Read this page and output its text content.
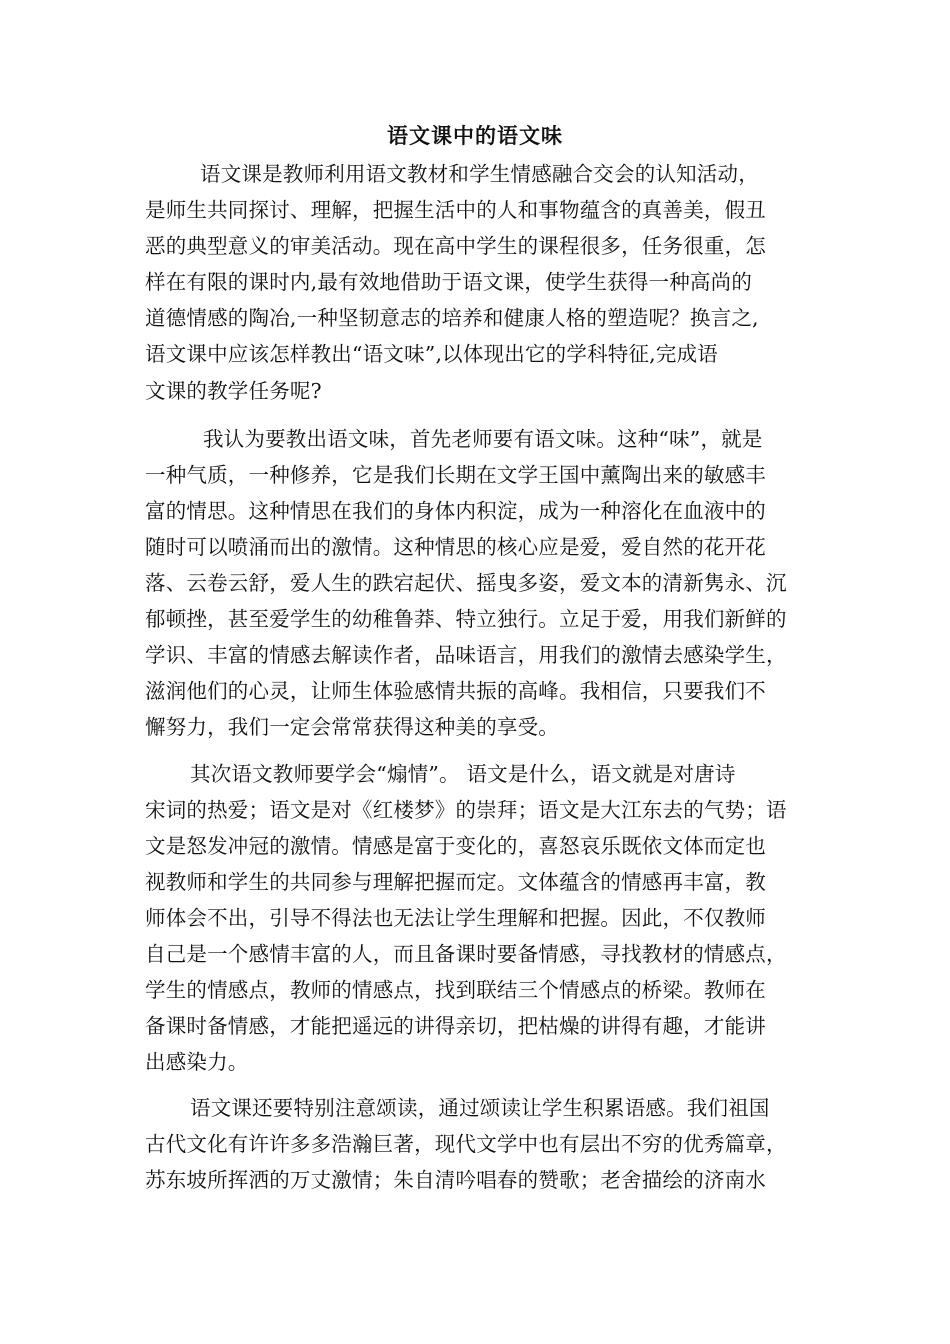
语文课中的语文味
语文课是教师利用语文教材和学生情感融合交会的认知活动，
是师生共同探讨、理解，把握生活中的人和事物蕴含的真善美，假丑
恶的典型意义的审美活动。现在高中学生的课程很多，任务很重，怎
样在有限的课时内,最有效地借助于语文课，使学生获得一种高尚的
道德情感的陶冶,一种坚韧意志的培养和健康人格的塑造呢？换言之,
语文课中应该怎样教出“语文味”,以体现出它的学科特征,完成语
文课的教学任务呢?
我认为要教出语文味，首先老师要有语文味。这种“味”，就是
一种气质，一种修养，它是我们长期在文学王国中薰陶出来的敏感丰
富的情思。这种情思在我们的身体内积淀，成为一种溶化在血液中的
随时可以喷涌而出的激情。这种情思的核心应是爱，爱自然的花开花
落、云卷云舒，爱人生的跌宕起伏、摇曳多姿，爱文本的清新隽永、沉
郁顿挫，甚至爱学生的幼稚鲁莽、特立独行。立足于爱，用我们新鲜的
学识、丰富的情感去解读作者，品味语言，用我们的激情去感染学生，
滋润他们的心灵，让师生体验感情共振的高峰。我相信，只要我们不
懈努力，我们一定会常常获得这种美的享受。
其次语文教师要学会“煽情”。 语文是什么，语文就是对唐诗
宋词的热爱；语文是对《红楼梦》的崇拜；语文是大江东去的气势；语
文是怒发冲冠的激情。情感是富于变化的，喜怒哀乐既依文体而定也
视教师和学生的共同参与理解把握而定。文体蕴含的情感再丰富，教
师体会不出，引导不得法也无法让学生理解和把握。因此，不仅教师
自己是一个感情丰富的人，而且备课时要备情感，寻找教材的情感点，
学生的情感点，教师的情感点，找到联结三个情感点的桥梁。教师在
备课时备情感，才能把遥远的讲得亲切，把枯燥的讲得有趣，才能讲
出感染力。
语文课还要特别注意颂读，通过颂读让学生积累语感。我们祖国
古代文化有许许多多浩瀚巨著，现代文学中也有层出不穷的优秀篇章，
苏东坡所挥洒的万丈激情；朱自清吟唱春的赞歌；老舍描绘的济南水
